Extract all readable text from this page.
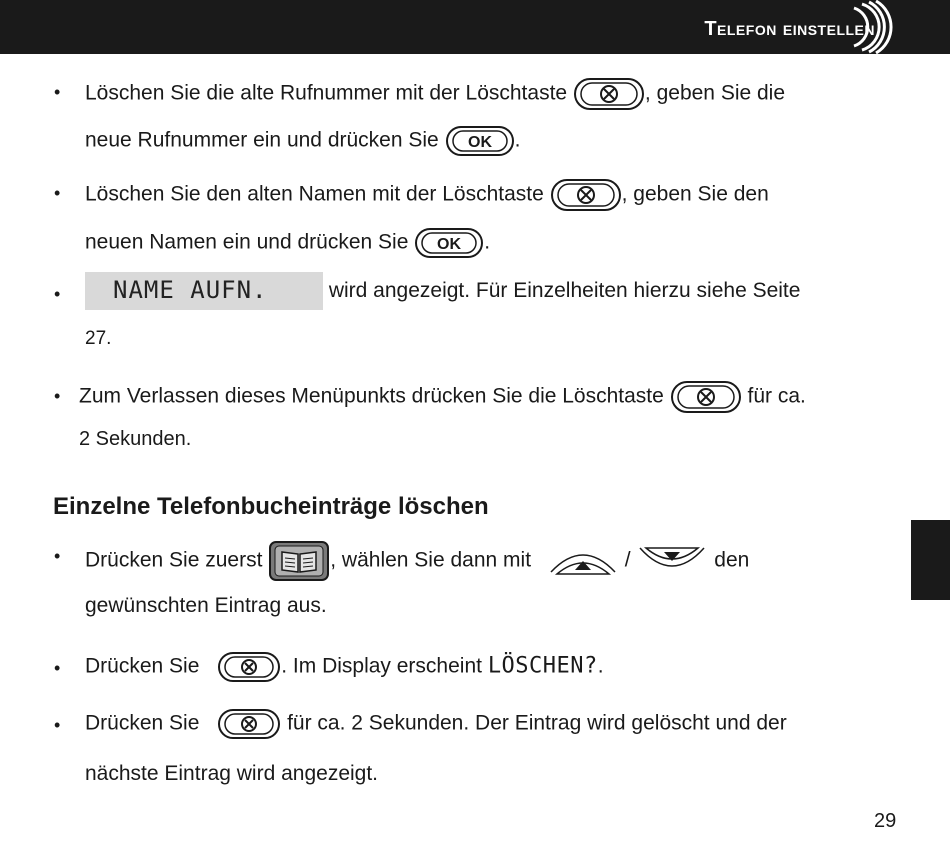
Telefon einstellen
• Löschen Sie die alte Rufnummer mit der Löschtaste	, geben Sie die
neue Rufnummer ein und drücken Sie OK .
• Löschen Sie den alten Namen mit der Löschtaste	, geben Sie den
neuen Namen ein und drücken Sie OK .
• NAME AUFN.	wird angezeigt. Für Einzelheiten hierzu siehe Seite
27.
• Zum Verlassen dieses Menüpunkts drücken Sie die Löschtaste	für ca.
2 Sekunden.
Einzelne Telefonbucheinträge löschen
• Drücken Sie zuerst	, wählen Sie dann mit	/	den
gewünschten Eintrag aus.
• Drücken Sie	. Im Display erscheint LÖSCHEN?.
• Drücken Sie	für ca. 2 Sekunden. Der Eintrag wird gelöscht und der
nächste Eintrag wird angezeigt.
29
